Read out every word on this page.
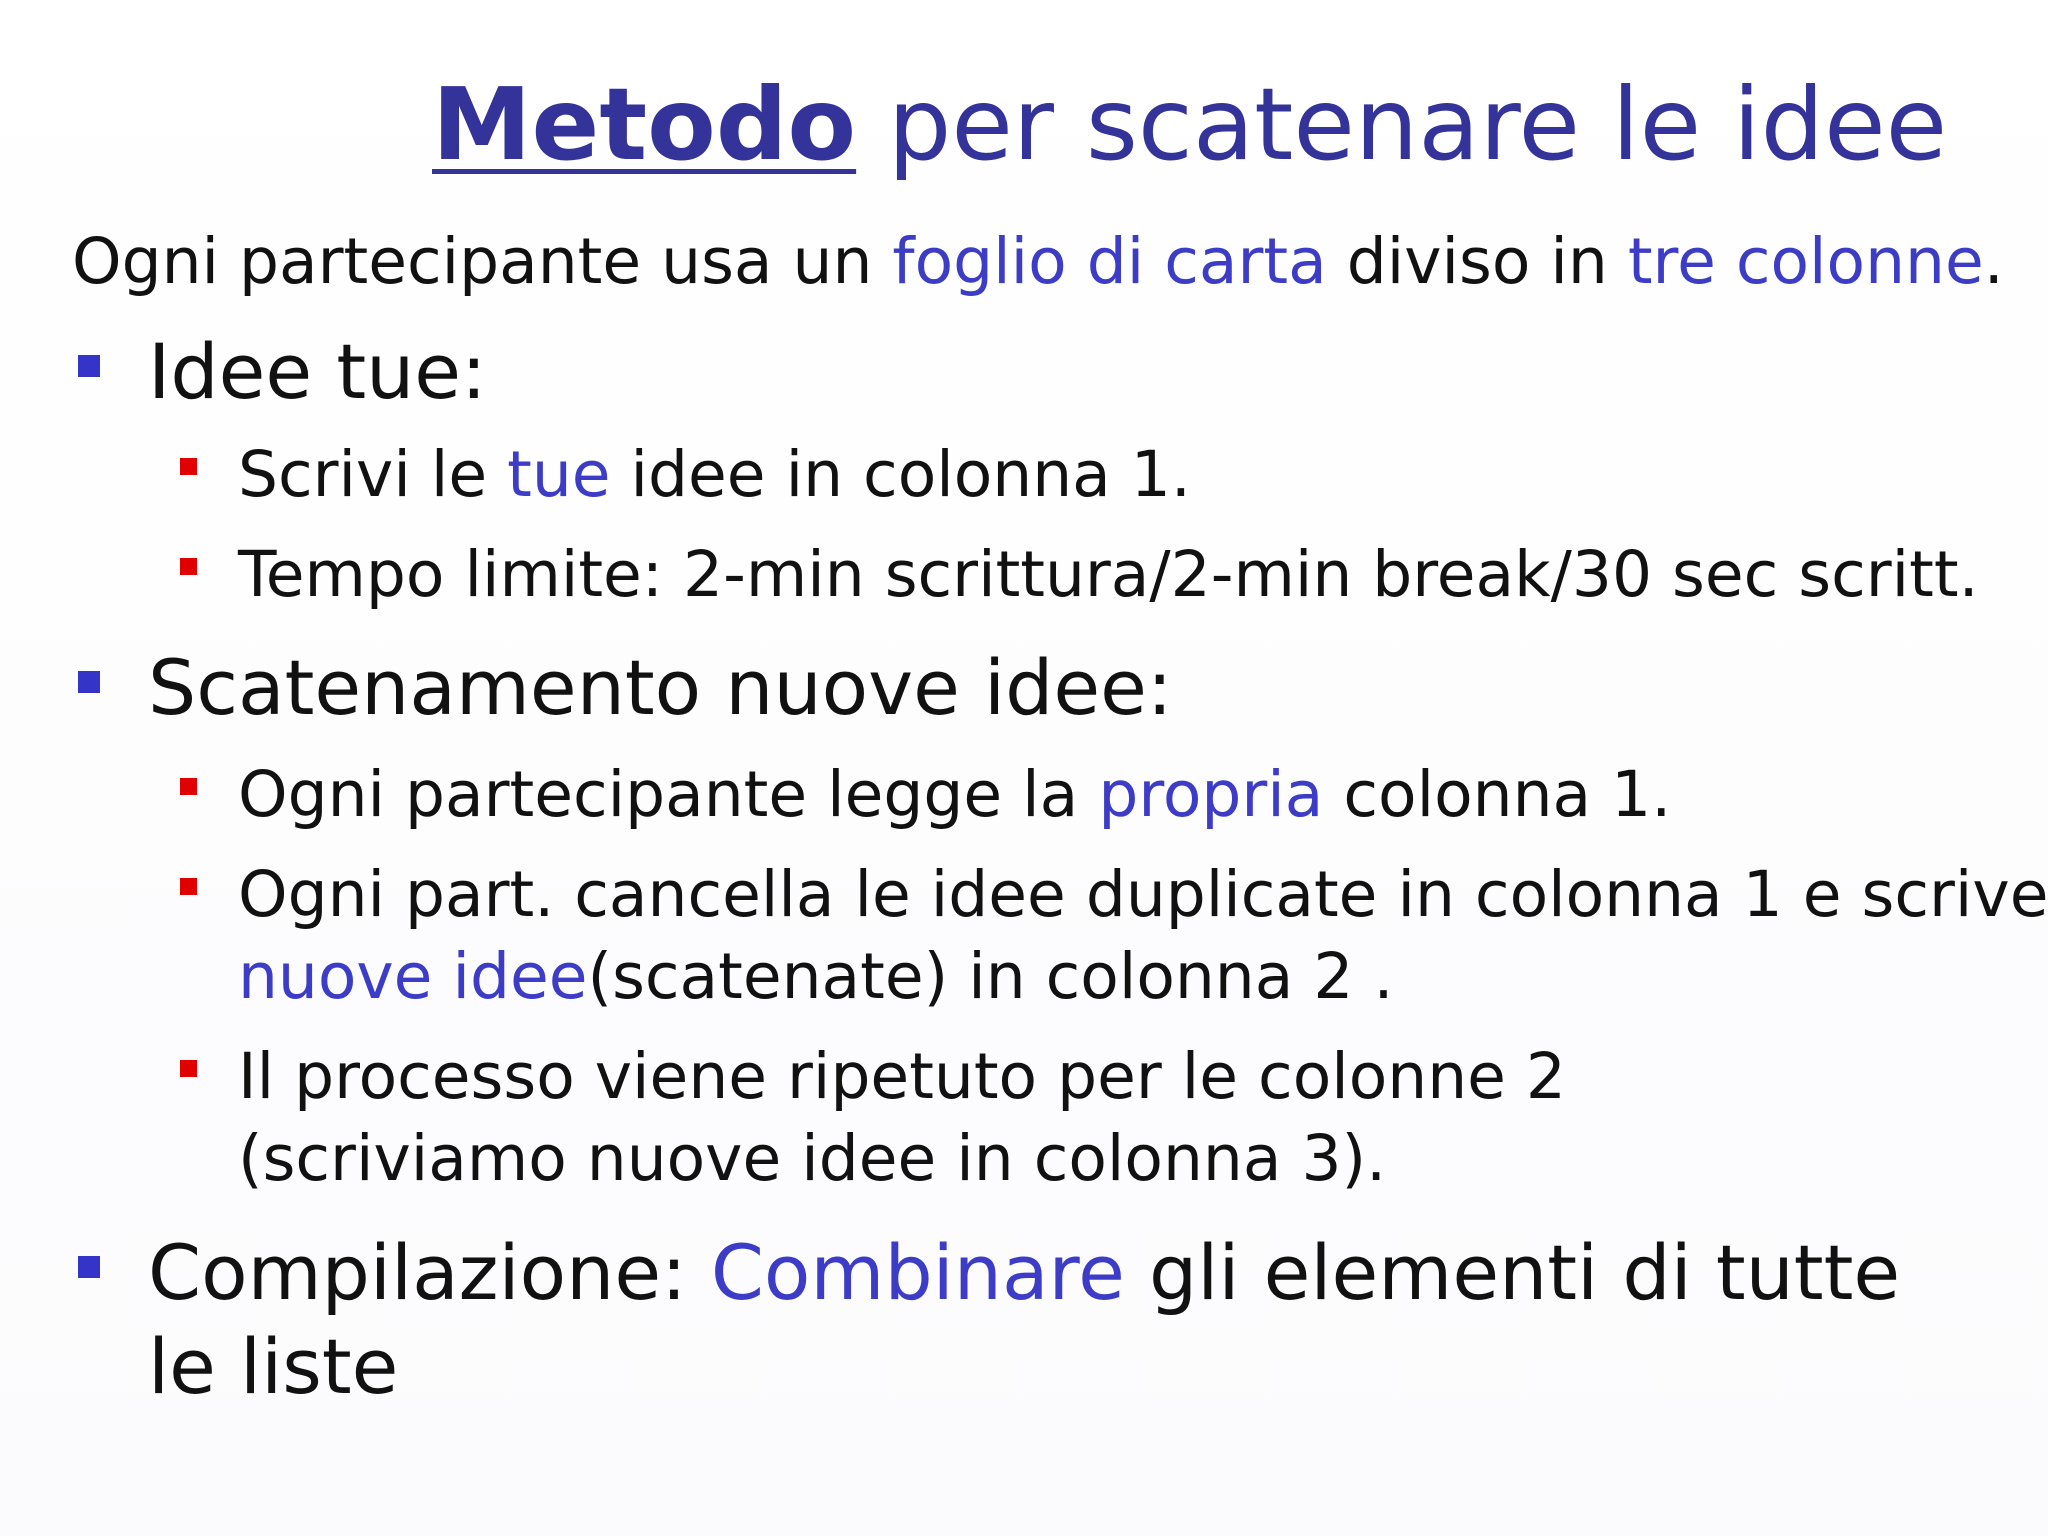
Metodo per scatenare le idee
Ogni partecipante usa un foglio di carta diviso in tre colonne.
Idee tue:
Scrivi le tue idee in colonna 1.
Tempo limite: 2-min scrittura/2-min break/30 sec scritt.
Scatenamento nuove idee:
Ogni partecipante legge la propria colonna 1.
Ogni part. cancella le idee duplicate in colonna 1 e scrive
nuove idee(scatenate) in colonna 2 .
Il processo viene ripetuto per le colonne 2 (scriviamo nuove idee in colonna 3).
Compilazione: Combinare gli elementi di tutte le liste
